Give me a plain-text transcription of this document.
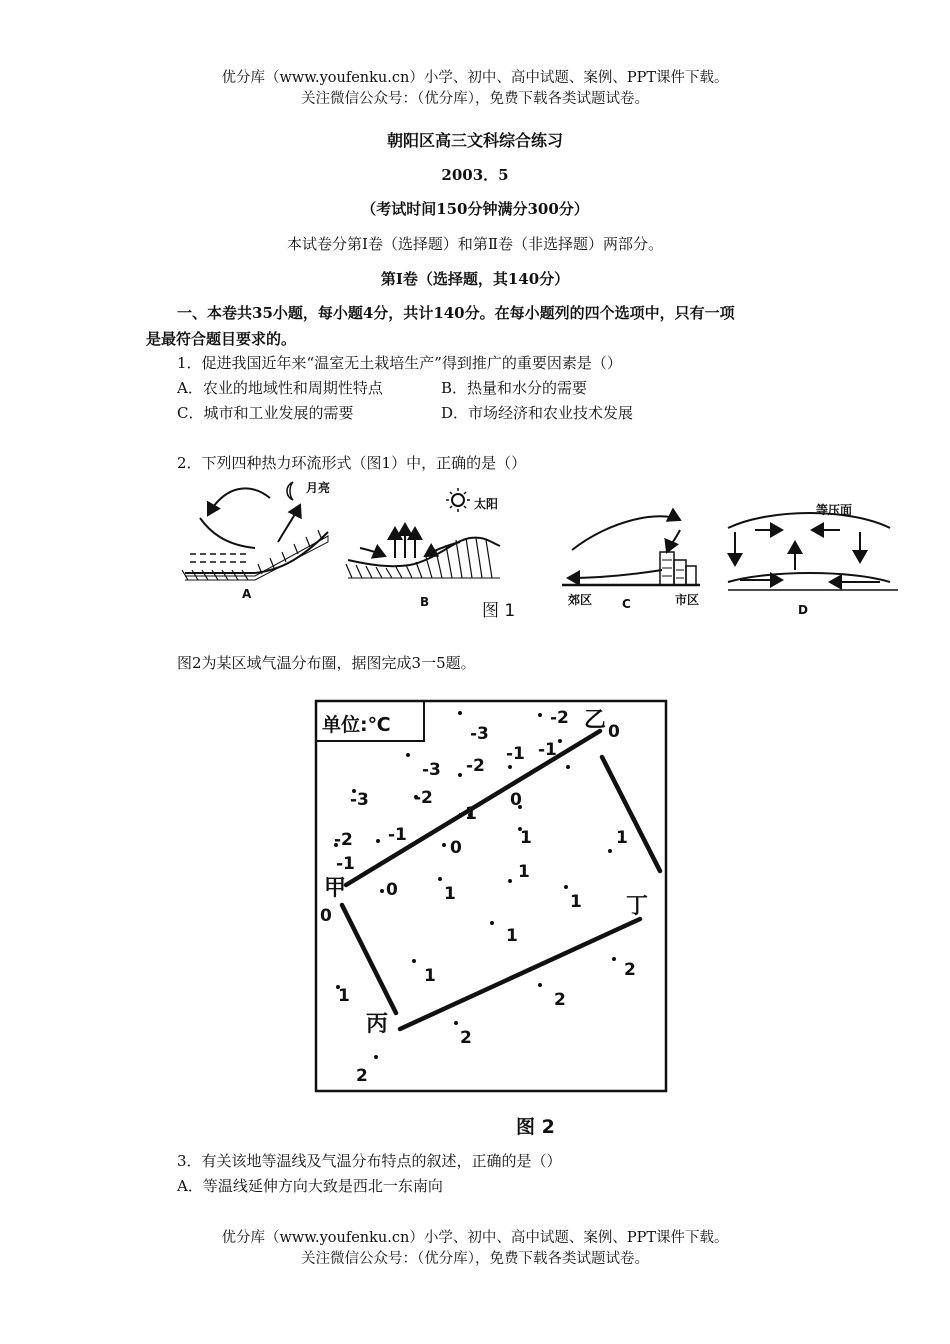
优分库（www.youfenku.cn）小学、初中、高中试题、案例、PPT课件下载。
关注微信公众号：（优分库），免费下载各类试题试卷。
朝阳区高三文科综合练习
2003．5
（考试时间150分钟满分300分）
本试卷分第Ⅰ卷（选择题）和第Ⅱ卷（非选择题）两部分。
第Ⅰ卷（选择题，其140分）
一、本卷共35小题，每小题4分，共计140分。在每小题列的四个选项中，只有一项
是最符合题目要求的。
1．促进我国近年来“温室无土栽培生产”得到推广的重要因素是（）
A．农业的地域性和周期性特点	B．热量和水分的需要
C．城市和工业发展的需要	D．市场经济和农业技术发展
2．下列四种热力环流形式（图1）中，正确的是（）
月亮
太阳
郊区	市区
等压面
A
B	C	D
图 1
图2为某区域气温分布圈，据图完成3一5题。
单位:℃
甲
乙
丙
丁
-2
-3
-3 -2
-1 -1
0
-3	-2
-1
0
-2 -1
0	1
-1
0	1
1
1
1
1
0
1	2
2
2
2
1
图 2
3．有关该地等温线及气温分布特点的叙述，正确的是（）
A．等温线延伸方向大致是西北一东南向
优分库（www.youfenku.cn）小学、初中、高中试题、案例、PPT课件下载。
关注微信公众号：（优分库），免费下载各类试题试卷。
